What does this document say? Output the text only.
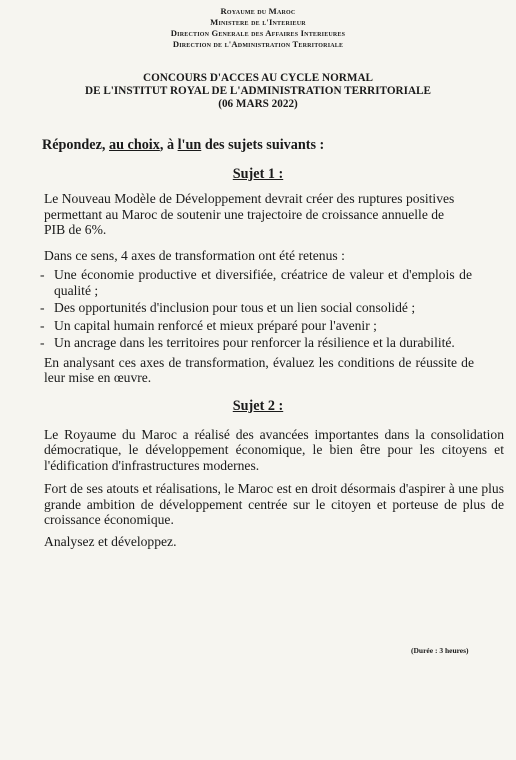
Royaume du Maroc
Ministere de l'Interieur
Direction Generale des Affaires Interieures
Direction de l'Administration Territoriale
CONCOURS D'ACCES AU CYCLE NORMAL
DE L'INSTITUT ROYAL DE L'ADMINISTRATION TERRITORIALE
(06 MARS 2022)
Répondez, au choix, à l'un des sujets suivants :
Sujet 1 :
Le Nouveau Modèle de Développement devrait créer des ruptures positives
permettant au Maroc de soutenir une trajectoire de croissance annuelle de
PIB de 6%.
Dans ce sens, 4 axes de transformation ont été retenus :
- Une économie productive et diversifiée, créatrice de valeur et d'emplois de qualité ;
- Des opportunités d'inclusion pour tous et un lien social consolidé ;
- Un capital humain renforcé et mieux préparé pour l'avenir ;
- Un ancrage dans les territoires pour renforcer la résilience et la durabilité.
En analysant ces axes de transformation, évaluez les conditions de réussite de leur mise en œuvre.
Sujet 2 :
Le Royaume du Maroc a réalisé des avancées importantes dans la consolidation démocratique, le développement économique, le bien être pour les citoyens et l'édification d'infrastructures modernes.
Fort de ses atouts et réalisations, le Maroc est en droit désormais d'aspirer à une plus grande ambition de développement centrée sur le citoyen et porteuse de plus de croissance économique.
Analysez et développez.
(Durée : 3 heures)
